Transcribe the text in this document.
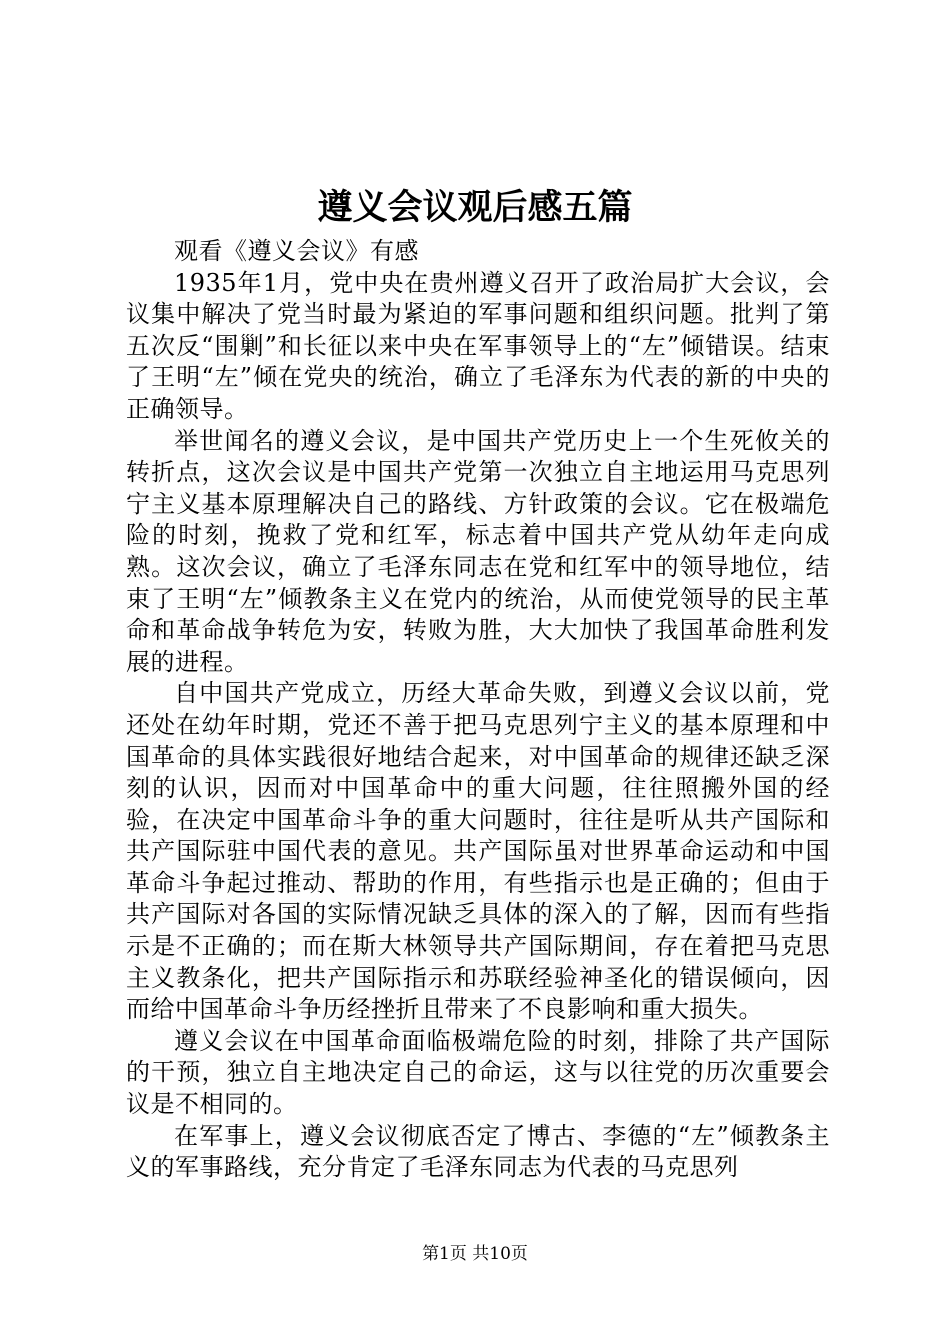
遵义会议观后感五篇

观看《遵义会议》有感

1935年1月，党中央在贵州遵义召开了政治局扩大会议，会议集中解决了党当时最为紧迫的军事问题和组织问题。批判了第五次反“围剿”和长征以来中央在军事领导上的“左”倾错误。结束了王明“左”倾在党央的统治，确立了毛泽东为代表的新的中央的正确领导。

举世闻名的遵义会议，是中国共产党历史上一个生死攸关的转折点，这次会议是中国共产党第一次独立自主地运用马克思列宁主义基本原理解决自己的路线、方针政策的会议。它在极端危险的时刻，挽救了党和红军，标志着中国共产党从幼年走向成熟。这次会议，确立了毛泽东同志在党和红军中的领导地位，结束了王明“左”倾教条主义在党内的统治，从而使党领导的民主革命和革命战争转危为安，转败为胜，大大加快了我国革命胜利发展的进程。

自中国共产党成立，历经大革命失败，到遵义会议以前，党还处在幼年时期，党还不善于把马克思列宁主义的基本原理和中国革命的具体实践很好地结合起来，对中国革命的规律还缺乏深刻的认识，因而对中国革命中的重大问题，往往照搬外国的经验，在决定中国革命斗争的重大问题时，往往是听从共产国际和共产国际驻中国代表的意见。共产国际虽对世界革命运动和中国革命斗争起过推动、帮助的作用，有些指示也是正确的；但由于共产国际对各国的实际情况缺乏具体的深入的了解，因而有些指示是不正确的；而在斯大林领导共产国际期间，存在着把马克思主义教条化，把共产国际指示和苏联经验神圣化的错误倾向，因而给中国革命斗争历经挫折且带来了不良影响和重大损失。

遵义会议在中国革命面临极端危险的时刻，排除了共产国际的干预，独立自主地决定自己的命运，这与以往党的历次重要会议是不相同的。

在军事上，遵义会议彻底否定了博古、李德的“左”倾教条主义的军事路线，充分肯定了毛泽东同志为代表的马克思列

第1页 共10页
